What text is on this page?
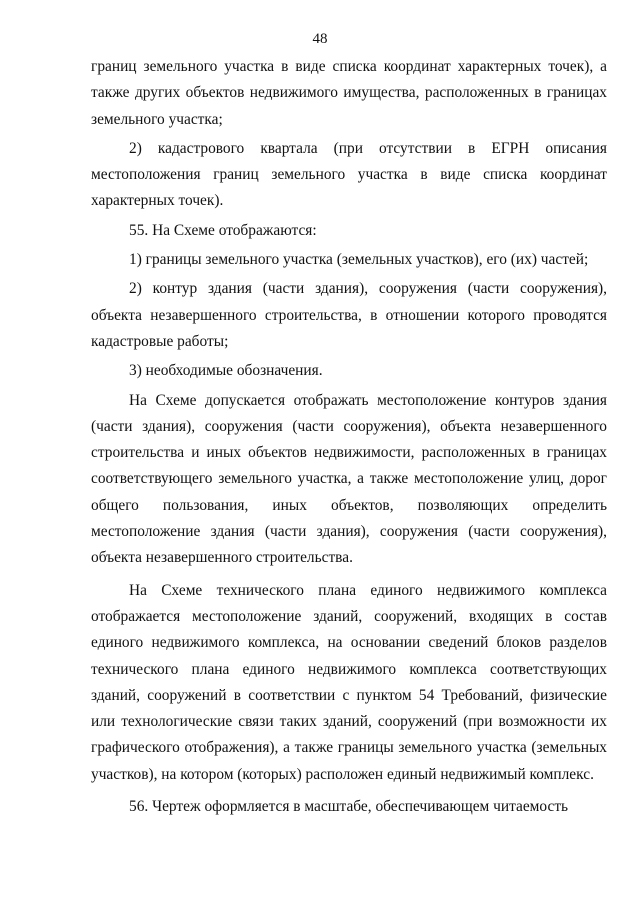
48

границ земельного участка в виде списка координат характерных точек), а также других объектов недвижимого имущества, расположенных в границах земельного участка;

2) кадастрового квартала (при отсутствии в ЕГРН описания местоположения границ земельного участка в виде списка координат характерных точек).

55. На Схеме отображаются:

1) границы земельного участка (земельных участков), его (их) частей;

2) контур здания (части здания), сооружения (части сооружения), объекта незавершенного строительства, в отношении которого проводятся кадастровые работы;

3) необходимые обозначения.

На Схеме допускается отображать местоположение контуров здания (части здания), сооружения (части сооружения), объекта незавершенного строительства и иных объектов недвижимости, расположенных в границах соответствующего земельного участка, а также местоположение улиц, дорог общего пользования, иных объектов, позволяющих определить местоположение здания (части здания), сооружения (части сооружения), объекта незавершенного строительства.

На Схеме технического плана единого недвижимого комплекса отображается местоположение зданий, сооружений, входящих в состав единого недвижимого комплекса, на основании сведений блоков разделов технического плана единого недвижимого комплекса соответствующих зданий, сооружений в соответствии с пунктом 54 Требований, физические или технологические связи таких зданий, сооружений (при возможности их графического отображения), а также границы земельного участка (земельных участков), на котором (которых) расположен единый недвижимый комплекс.

56. Чертеж оформляется в масштабе, обеспечивающем читаемость
